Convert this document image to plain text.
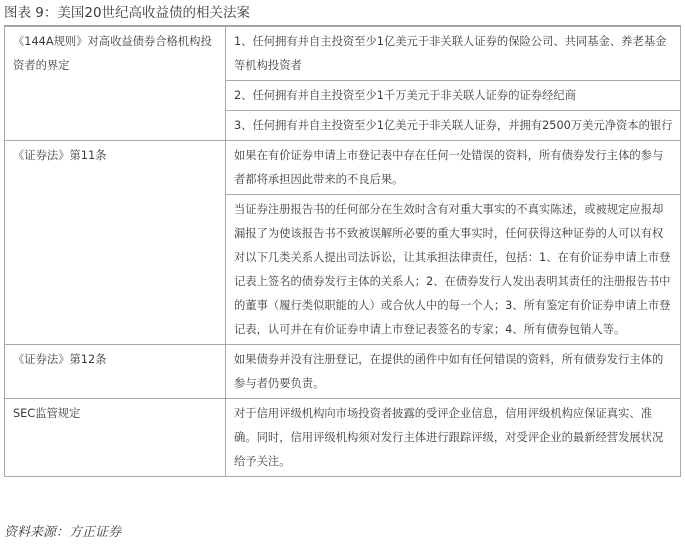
图表 9：美国20世纪高收益债的相关法案
《144A规则》对高收益债券合格机构投资者的界定	1、任何拥有并自主投资至少1亿美元于非关联人证券的保险公司、共同基金、养老基金等机构投资者
	2、任何拥有并自主投资至少1千万美元于非关联人证券的证券经纪商
	3、任何拥有并自主投资至少1亿美元于非关联人证券，并拥有2500万美元净资本的银行
《证券法》第11条	如果在有价证券申请上市登记表中存在任何一处错误的资料，所有债券发行主体的参与者都将承担因此带来的不良后果。
	当证券注册报告书的任何部分在生效时含有对重大事实的不真实陈述，或被规定应报却漏报了为使该报告书不致被误解所必要的重大事实时，任何获得这种证券的人可以有权对以下几类关系人提出司法诉讼，让其承担法律责任，包括：1、在有价证券申请上市登记表上签名的债券发行主体的关系人；2、在债券发行人发出表明其责任的注册报告书中的董事（履行类似职能的人）或合伙人中的每一个人；3、所有鉴定有价证券申请上市登记表，认可并在有价证券申请上市登记表签名的专家；4、所有债券包销人等。
《证券法》第12条	如果债券并没有注册登记，在提供的函件中如有任何错误的资料，所有债券发行主体的参与者仍要负责。
SEC监管规定	对于信用评级机构向市场投资者披露的受评企业信息，信用评级机构应保证真实、准确。同时，信用评级机构须对发行主体进行跟踪评级，对受评企业的最新经营发展状况给予关注。
资料来源：方正证券
